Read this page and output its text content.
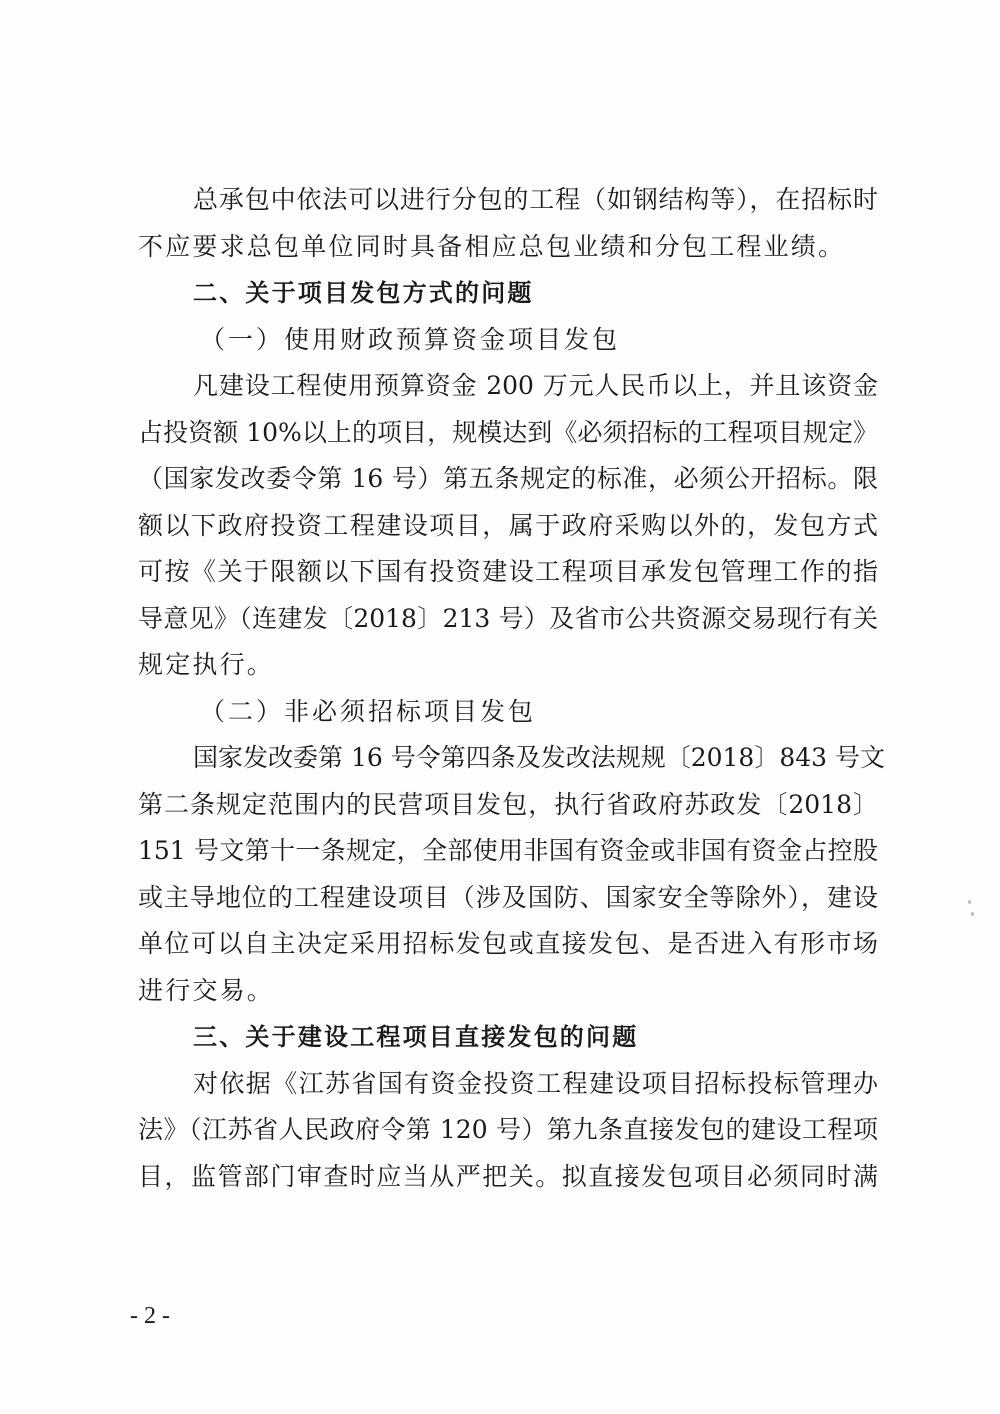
总承包中依法可以进行分包的工程（如钢结构等），在招标时
不应要求总包单位同时具备相应总包业绩和分包工程业绩。
二、关于项目发包方式的问题
（一）使用财政预算资金项目发包
凡建设工程使用预算资金 200 万元人民币以上，并且该资金
占投资额 10%以上的项目，规模达到《必须招标的工程项目规定》
（国家发改委令第 16 号）第五条规定的标准，必须公开招标。限
额以下政府投资工程建设项目，属于政府采购以外的，发包方式
可按《关于限额以下国有投资建设工程项目承发包管理工作的指
导意见》（连建发〔2018〕213 号）及省市公共资源交易现行有关
规定执行。
（二）非必须招标项目发包
国家发改委第 16 号令第四条及发改法规规〔2018〕843 号文
第二条规定范围内的民营项目发包，执行省政府苏政发〔2018〕
151 号文第十一条规定，全部使用非国有资金或非国有资金占控股
或主导地位的工程建设项目（涉及国防、国家安全等除外），建设
单位可以自主决定采用招标发包或直接发包、是否进入有形市场
进行交易。
三、关于建设工程项目直接发包的问题
对依据《江苏省国有资金投资工程建设项目招标投标管理办
法》（江苏省人民政府令第 120 号）第九条直接发包的建设工程项
目，监管部门审查时应当从严把关。拟直接发包项目必须同时满
- 2 -
